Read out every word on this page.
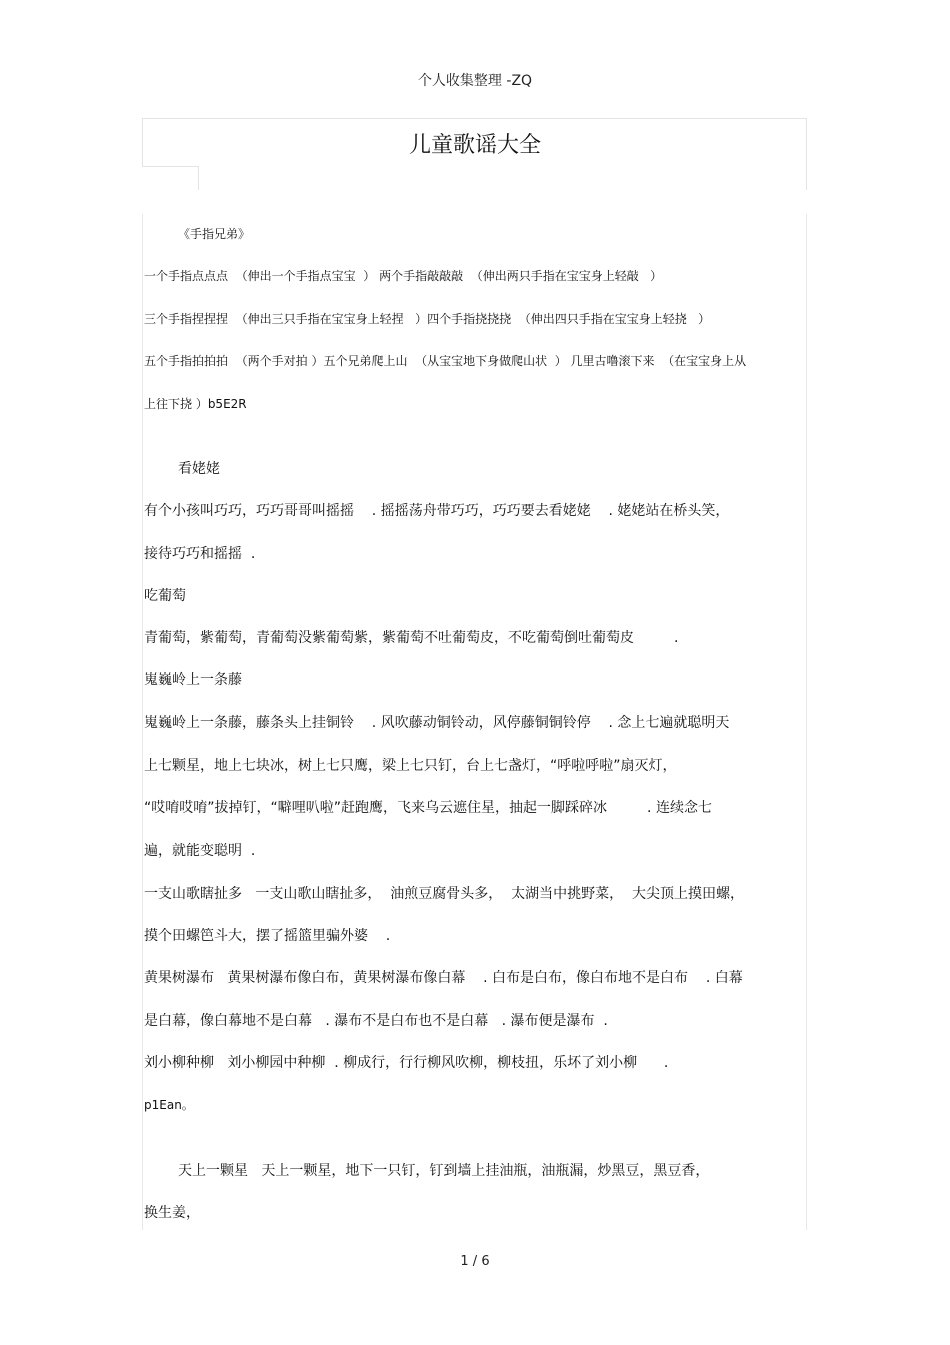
个人收集整理 -ZQ
儿童歌谣大全
《手指兄弟》
一个手指点点点  （伸出一个手指点宝宝  ） 两个手指敲敲敲  （伸出两只手指在宝宝身上轻敲   ）
三个手指捏捏捏  （伸出三只手指在宝宝身上轻捏   ）四个手指挠挠挠  （伸出四只手指在宝宝身上轻挠   ）
五个手指拍拍拍  （两个手对拍 ）五个兄弟爬上山  （从宝宝地下身做爬山状  ） 几里古噜滚下来  （在宝宝身上从
上往下挠 ）b5E2R
看姥姥
有个小孩叫巧巧，巧巧哥哥叫摇摇    . 摇摇荡舟带巧巧，巧巧要去看姥姥    . 姥姥站在桥头笑，
接待巧巧和摇摇  .
吃葡萄
青葡萄，紫葡萄，青葡萄没紫葡萄紫，紫葡萄不吐葡萄皮，不吃葡萄倒吐葡萄皮         .
嵬巍岭上一条藤
嵬巍岭上一条藤，藤条头上挂铜铃    . 风吹藤动铜铃动，风停藤铜铜铃停    . 念上七遍就聪明天
上七颗星，地上七块冰，树上七只鹰，梁上七只钉，台上七盏灯，“呼啦呼啦”扇灭灯，
“哎唷哎唷”拔掉钉，“噼哩叭啦”赶跑鹰，飞来乌云遮住星，抽起一脚踩碎冰         . 连续念七
遍，就能变聪明  .
一支山歌瞎扯多   一支山歌山瞎扯多，  油煎豆腐骨头多，  太湖当中挑野菜，  大尖顶上摸田螺，
摸个田螺笆斗大，摆了摇篮里骗外婆    .
黄果树瀑布   黄果树瀑布像白布，黄果树瀑布像白幕    . 白布是白布，像白布地不是白布    . 白幕
是白幕，像白幕地不是白幕   . 瀑布不是白布也不是白幕   . 瀑布便是瀑布  .
刘小柳种柳   刘小柳园中种柳  . 柳成行，行行柳风吹柳，柳枝扭，乐坏了刘小柳      .
p1Ean。
天上一颗星   天上一颗星，地下一只钉，钉到墙上挂油瓶，油瓶漏，炒黑豆，黑豆香，
换生姜，
1 / 6
